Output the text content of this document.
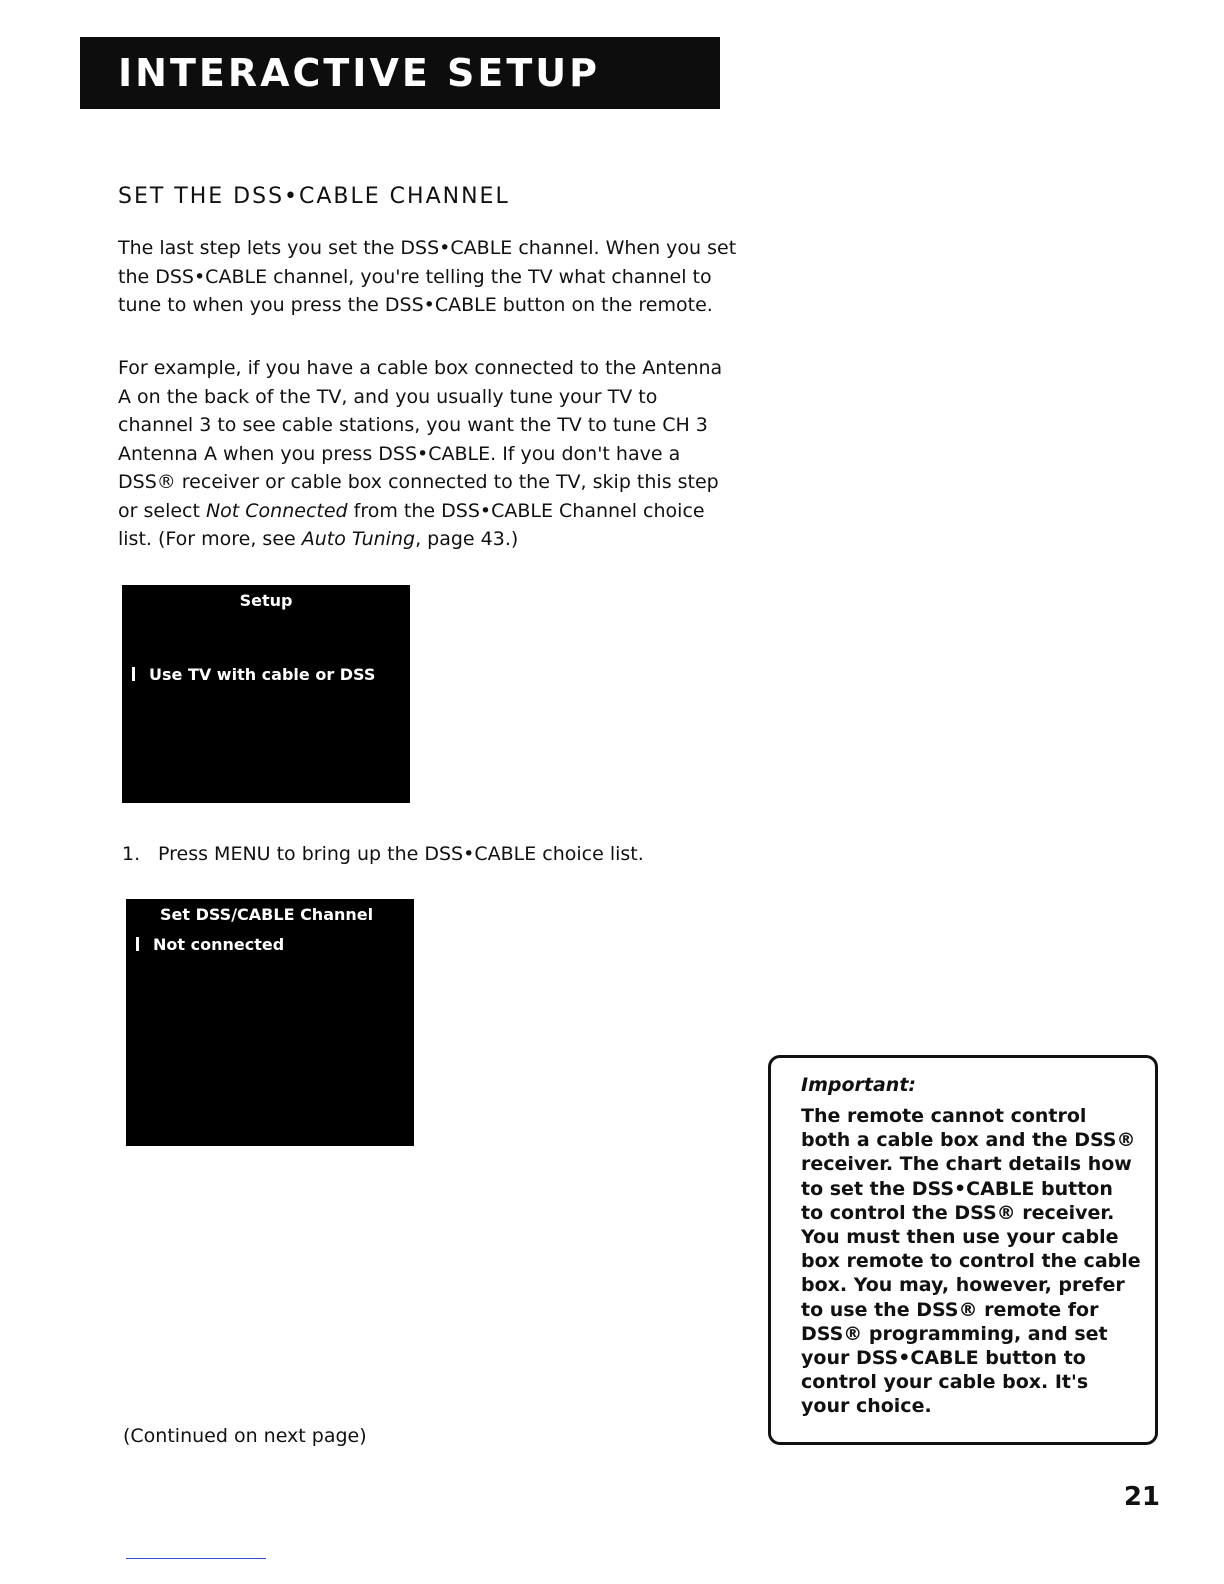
INTERACTIVE SETUP
SET THE DSS•CABLE CHANNEL

The last step lets you set the DSS•CABLE channel. When you set the DSS•CABLE channel, you're telling the TV what channel to tune to when you press the DSS•CABLE button on the remote.

For example, if you have a cable box connected to the Antenna A on the back of the TV, and you usually tune your TV to channel 3 to see cable stations, you want the TV to tune CH 3 Antenna A when you press DSS•CABLE. If you don't have a DSS® receiver or cable box connected to the TV, skip this step or select Not Connected from the DSS•CABLE Channel choice list. (For more, see Auto Tuning, page 43.)

Setup
Use TV with cable or DSS
1. Press MENU to bring up the DSS•CABLE choice list.
Set DSS/CABLE Channel
Not connected
(Continued on next page)
Important:
The remote cannot control both a cable box and the DSS® receiver. The chart details how to set the DSS•CABLE button to control the DSS® receiver. You must then use your cable box remote to control the cable box. You may, however, prefer to use the DSS® remote for DSS® programming, and set your DSS•CABLE button to control your cable box. It's your choice.
21
